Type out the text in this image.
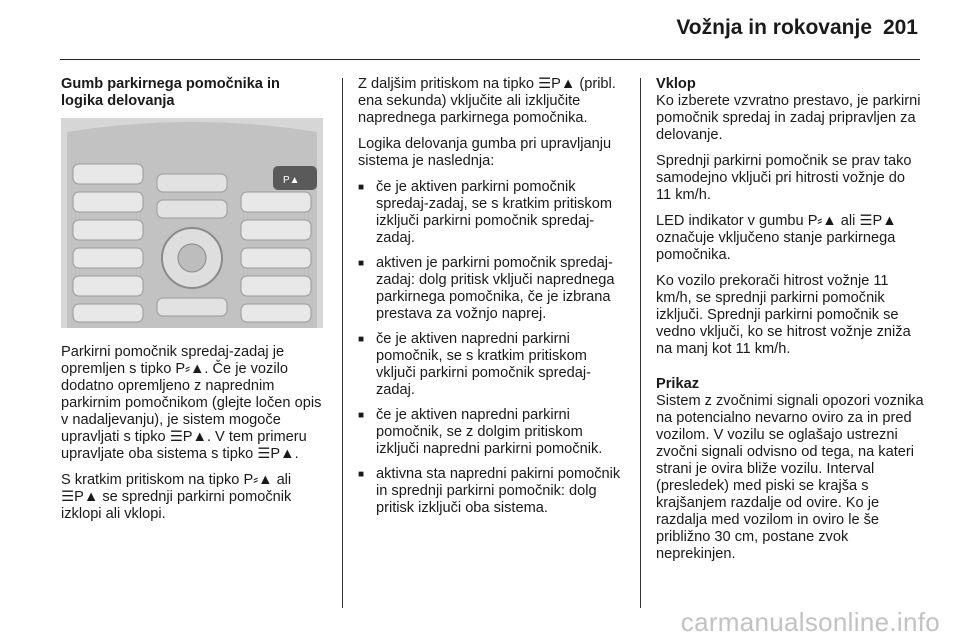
Vožnja in rokovanje 201
Gumb parkirnega pomočnika in logika delovanja
P▲

Parkirni pomočnik spredaj-zadaj je opremljen s tipko P⸗▲. Če je vozilo dodatno opremljeno z naprednim parkirnim pomočnikom (glejte ločen opis v nadaljevanju), je sistem mogoče upravljati s tipko ☰P▲. V tem primeru upravljate oba sistema s tipko ☰P▲.

S kratkim pritiskom na tipko P⸗▲ ali ☰P▲ se sprednji parkirni pomočnik izklopi ali vklopi.

Z daljšim pritiskom na tipko ☰P▲ (pribl. ena sekunda) vključite ali izključite naprednega parkirnega pomočnika.

Logika delovanja gumba pri upravljanju sistema je naslednja:

■ če je aktiven parkirni pomočnik spredaj-zadaj, se s kratkim pritiskom izključi parkirni pomočnik spredaj-zadaj.
■ aktiven je parkirni pomočnik spredaj-zadaj: dolg pritisk vključi naprednega parkirnega pomočnika, če je izbrana prestava za vožnjo naprej.
■ če je aktiven napredni parkirni pomočnik, se s kratkim pritiskom vključi parkirni pomočnik spredaj-zadaj.
■ če je aktiven napredni parkirni pomočnik, se z dolgim pritiskom izključi napredni parkirni pomočnik.
■ aktivna sta napredni pakirni pomočnik in sprednji parkirni pomočnik: dolg pritisk izključi oba sistema.
Vklop

Ko izberete vzvratno prestavo, je parkirni pomočnik spredaj in zadaj pripravljen za delovanje.

Sprednji parkirni pomočnik se prav tako samodejno vključi pri hitrosti vožnje do 11 km/h.

LED indikator v gumbu P⸗▲ ali ☰P▲ označuje vključeno stanje parkirnega pomočnika.

Ko vozilo prekorači hitrost vožnje 11 km/h, se sprednji parkirni pomočnik izključi. Sprednji parkirni pomočnik se vedno vključi, ko se hitrost vožnje zniža na manj kot 11 km/h.

Prikaz

Sistem z zvočnimi signali opozori voznika na potencialno nevarno oviro za in pred vozilom. V vozilu se oglašajo ustrezni zvočni signali odvisno od tega, na kateri strani je ovira bliže vozilu. Interval (presledek) med piski se krajša s krajšanjem razdalje od ovire. Ko je razdalja med vozilom in oviro le še približno 30 cm, postane zvok neprekinjen.

carmanualsonline.info
